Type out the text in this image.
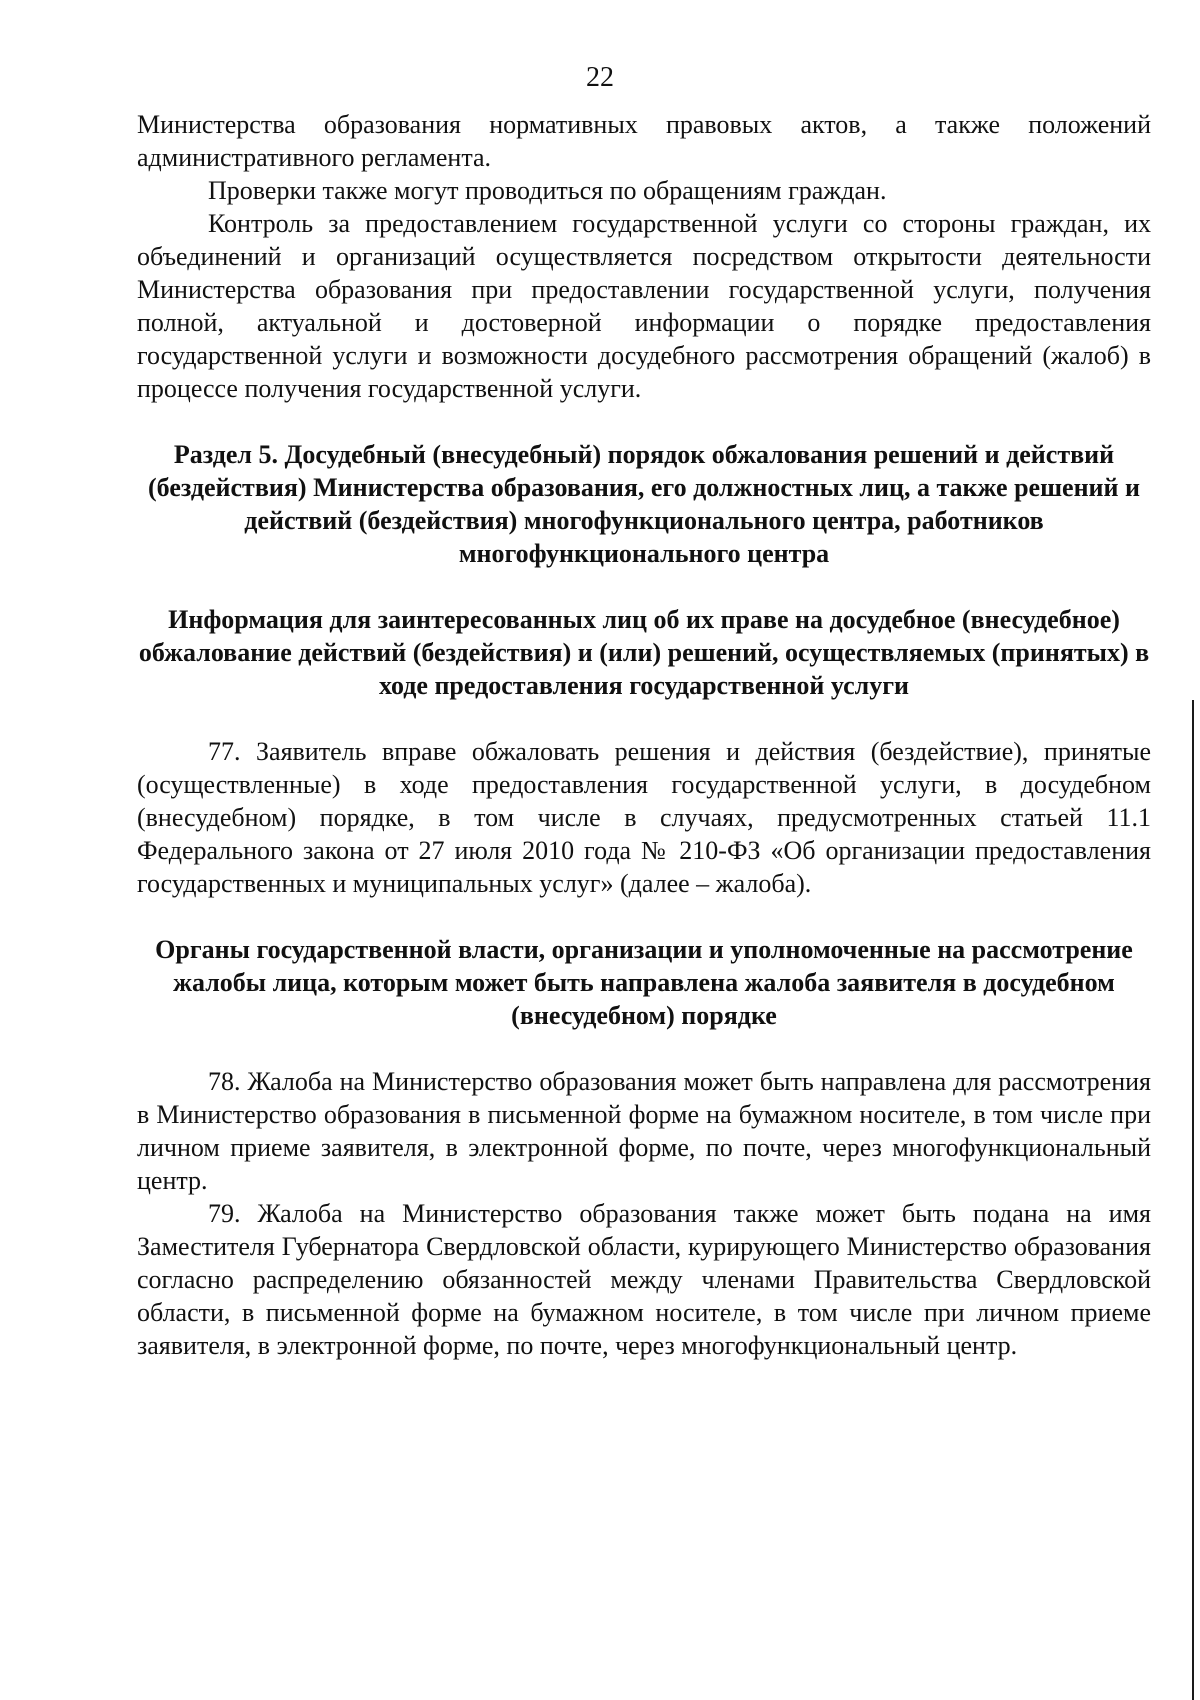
22

Министерства образования нормативных правовых актов, а также положений административного регламента.

Проверки также могут проводиться по обращениям граждан.

Контроль за предоставлением государственной услуги со стороны граждан, их объединений и организаций осуществляется посредством открытости деятельности Министерства образования при предоставлении государственной услуги, получения полной, актуальной и достоверной информации о порядке предоставления государственной услуги и возможности досудебного рассмотрения обращений (жалоб) в процессе получения государственной услуги.

Раздел 5. Досудебный (внесудебный) порядок обжалования решений и действий (бездействия) Министерства образования, его должностных лиц, а также решений и действий (бездействия) многофункционального центра, работников многофункционального центра
Информация для заинтересованных лиц об их праве на досудебное (внесудебное) обжалование действий (бездействия) и (или) решений, осуществляемых (принятых) в ходе предоставления государственной услуги

77. Заявитель вправе обжаловать решения и действия (бездействие), принятые (осуществленные) в ходе предоставления государственной услуги, в досудебном (внесудебном) порядке, в том числе в случаях, предусмотренных статьей 11.1 Федерального закона от 27 июля 2010 года № 210-ФЗ «Об организации предоставления государственных и муниципальных услуг» (далее – жалоба).

Органы государственной власти, организации и уполномоченные на рассмотрение жалобы лица, которым может быть направлена жалоба заявителя в досудебном (внесудебном) порядке

78. Жалоба на Министерство образования может быть направлена для рассмотрения в Министерство образования в письменной форме на бумажном носителе, в том числе при личном приеме заявителя, в электронной форме, по почте, через многофункциональный центр.

79. Жалоба на Министерство образования также может быть подана на имя Заместителя Губернатора Свердловской области, курирующего Министерство образования согласно распределению обязанностей между членами Правительства Свердловской области, в письменной форме на бумажном носителе, в том числе при личном приеме заявителя, в электронной форме, по почте, через многофункциональный центр.
